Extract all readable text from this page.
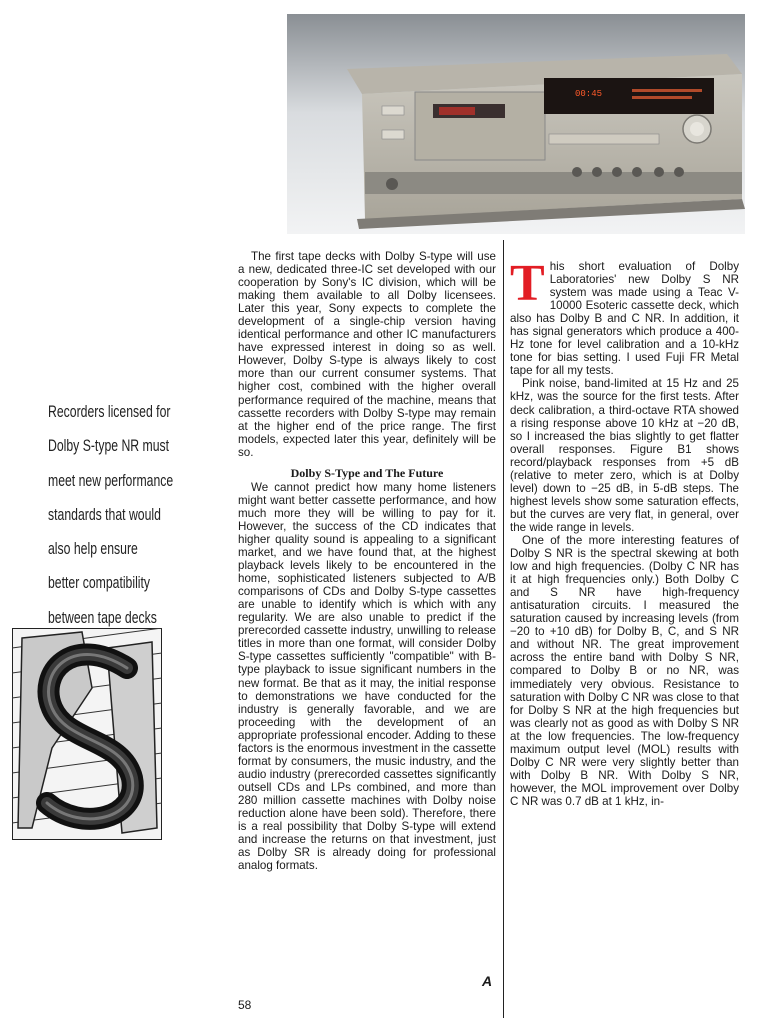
00:45
Recorders licensed for
Dolby S-type NR must
meet new performance
standards that would
also help ensure
better compatibility
between tape decks

The first tape decks with Dolby S-type will use a new, dedicated three-IC set developed with our cooperation by Sony's IC division, which will be making them available to all Dolby licensees. Later this year, Sony expects to complete the development of a single-chip version having identical performance and other IC manufacturers have expressed interest in doing so as well. However, Dolby S-type is always likely to cost more than our current consumer systems. That higher cost, combined with the higher overall performance required of the machine, means that cassette recorders with Dolby S-type may remain at the higher end of the price range. The first models, expected later this year, definitely will be so.

Dolby S-Type and The Future

We cannot predict how many home listeners might want better cassette performance, and how much more they will be willing to pay for it. However, the success of the CD indicates that higher quality sound is appealing to a significant market, and we have found that, at the highest playback levels likely to be encountered in the home, sophisticated listeners subjected to A/B comparisons of CDs and Dolby S-type cassettes are unable to identify which is which with any regularity. We are also unable to predict if the prerecorded cassette industry, unwilling to release titles in more than one format, will consider Dolby S-type cassettes sufficiently "compatible" with B-type playback to issue significant numbers in the new format. Be that as it may, the initial response to demonstrations we have conducted for the industry is generally favorable, and we are proceeding with the development of an appropriate professional encoder. Adding to these factors is the enormous investment in the cassette format by consumers, the music industry, and the audio industry (prerecorded cassettes significantly outsell CDs and LPs combined, and more than 280 million cassette machines with Dolby noise reduction alone have been sold). Therefore, there is a real possibility that Dolby S-type will extend and increase the returns on that investment, just as Dolby SR is already doing for professional analog formats.

A

This short evaluation of Dolby Laboratories' new Dolby S NR system was made using a Teac V-10000 Esoteric cassette deck, which also has Dolby B and C NR. In addition, it has signal generators which produce a 400-Hz tone for level calibration and a 10-kHz tone for bias setting. I used Fuji FR Metal tape for all my tests.

Pink noise, band-limited at 15 Hz and 25 kHz, was the source for the first tests. After deck calibration, a third-octave RTA showed a rising response above 10 kHz at −20 dB, so I increased the bias slightly to get flatter overall responses. Figure B1 shows record/playback responses from +5 dB (relative to meter zero, which is at Dolby level) down to −25 dB, in 5-dB steps. The highest levels show some saturation effects, but the curves are very flat, in general, over the wide range in levels.

One of the more interesting features of Dolby S NR is the spectral skewing at both low and high frequencies. (Dolby C NR has it at high frequencies only.) Both Dolby C and S NR have high-frequency antisaturation circuits. I measured the saturation caused by increasing levels (from −20 to +10 dB) for Dolby B, C, and S NR and without NR. The great improvement across the entire band with Dolby S NR, compared to Dolby B or no NR, was immediately very obvious. Resistance to saturation with Dolby C NR was close to that for Dolby S NR at the high frequencies but was clearly not as good as with Dolby S NR at the low frequencies. The low-frequency maximum output level (MOL) results with Dolby C NR were very slightly better than with Dolby B NR. With Dolby S NR, however, the MOL improvement over Dolby C NR was 0.7 dB at 1 kHz, in-

58
